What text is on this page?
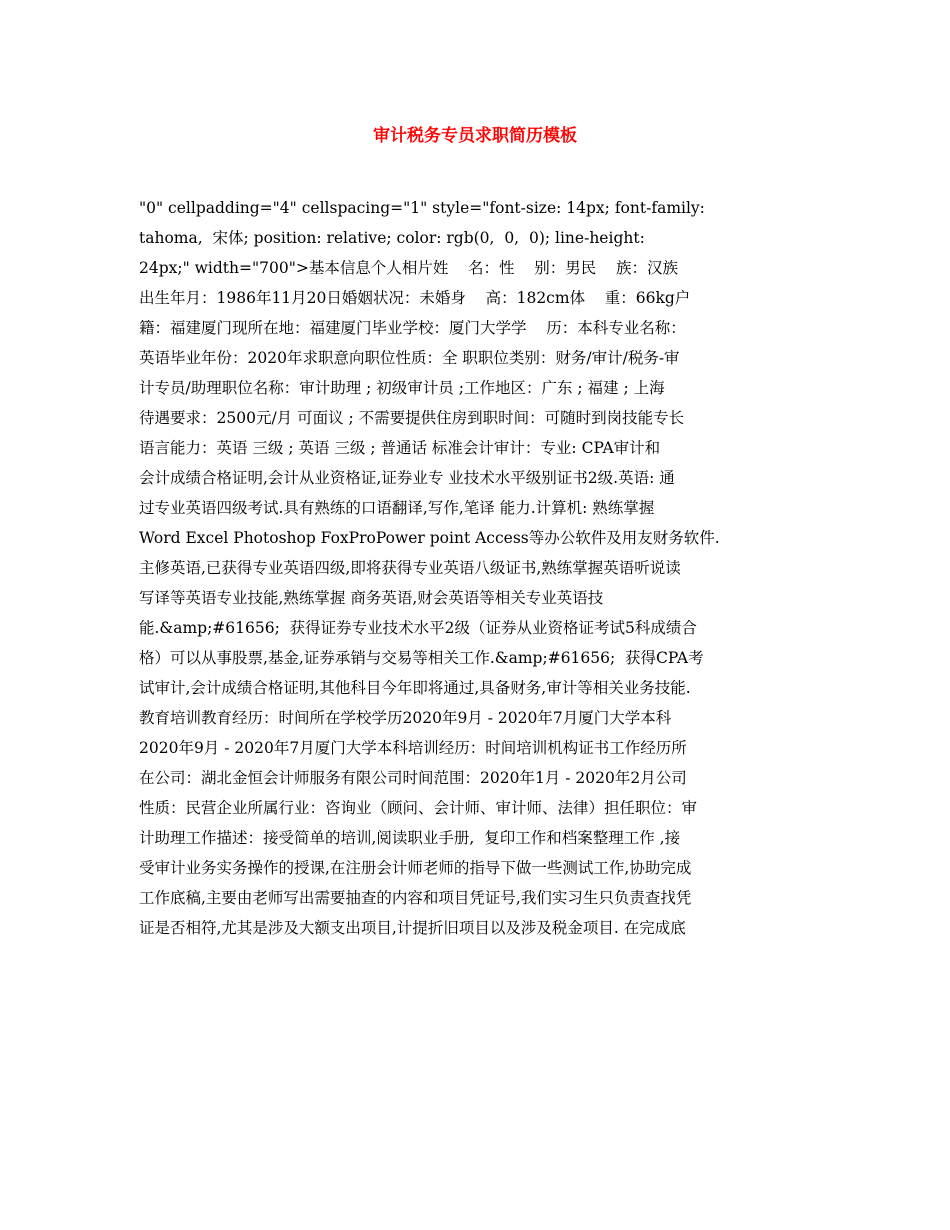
审计税务专员求职简历模板
"0" cellpadding="4" cellspacing="1" style="font-size: 14px; font-family:
tahoma,  宋体; position: relative; color: rgb(0,  0,  0); line-height:
24px;" width="700">基本信息个人相片姓    名：性    别：男民    族：汉族
出生年月：1986年11月20日婚姻状况：未婚身    高：182cm体    重：66kg户
籍：福建厦门现所在地：福建厦门毕业学校：厦门大学学    历：本科专业名称：
英语毕业年份：2020年求职意向职位性质：全 职职位类别：财务/审计/税务-审
计专员/助理职位名称：审计助理 ; 初级审计员 ;工作地区：广东 ; 福建 ; 上海
待遇要求：2500元/月 可面议 ; 不需要提供住房到职时间：可随时到岗技能专长
语言能力：英语 三级 ; 英语 三级 ; 普通话 标准会计审计：专业: CPA审计和
会计成绩合格证明,会计从业资格证,证券业专 业技术水平级别证书2级.英语: 通
过专业英语四级考试.具有熟练的口语翻译,写作,笔译 能力.计算机: 熟练掌握
Word Excel Photoshop FoxProPower point Access等办公软件及用友财务软件.
主修英语,已获得专业英语四级,即将获得专业英语八级证书,熟练掌握英语听说读
写译等英语专业技能,熟练掌握 商务英语,财会英语等相关专业英语技
能.&amp;#61656;  获得证券专业技术水平2级（证券从业资格证考试5科成绩合
格）可以从事股票,基金,证券承销与交易等相关工作.&amp;#61656;  获得CPA考
试审计,会计成绩合格证明,其他科目今年即将通过,具备财务,审计等相关业务技能.
教育培训教育经历：时间所在学校学历2020年9月 - 2020年7月厦门大学本科
2020年9月 - 2020年7月厦门大学本科培训经历：时间培训机构证书工作经历所
在公司：湖北金恒会计师服务有限公司时间范围：2020年1月 - 2020年2月公司
性质：民营企业所属行业：咨询业（顾问、会计师、审计师、法律）担任职位：审
计助理工作描述：接受简单的培训,阅读职业手册,  复印工作和档案整理工作 ,接
受审计业务实务操作的授课,在注册会计师老师的指导下做一些测试工作,协助完成
工作底稿,主要由老师写出需要抽查的内容和项目凭证号,我们实习生只负责查找凭
证是否相符,尤其是涉及大额支出项目,计提折旧项目以及涉及税金项目. 在完成底
